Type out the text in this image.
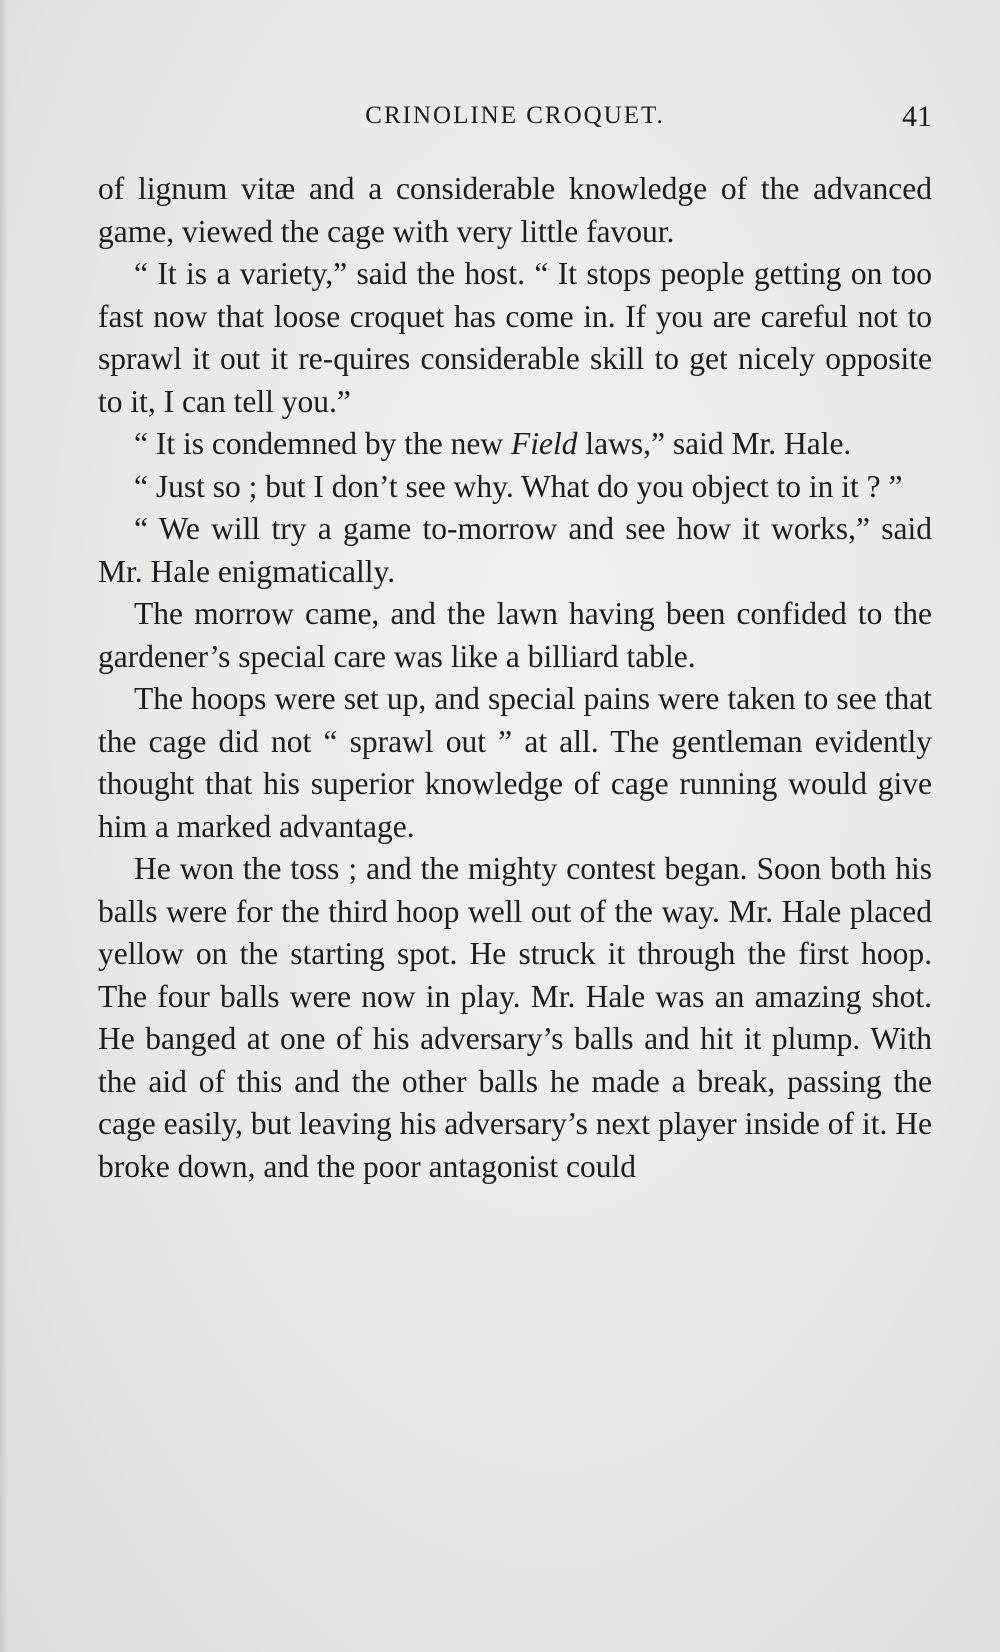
CRINOLINE CROQUET.	41

of lignum vitæ and a considerable knowledge of the advanced game, viewed the cage with very little favour.

“ It is a variety,” said the host. “ It stops people getting on too fast now that loose croquet has come in. If you are careful not to sprawl it out it re-quires considerable skill to get nicely opposite to it, I can tell you.”

“ It is condemned by the new Field laws,” said Mr. Hale.

“ Just so ; but I don’t see why. What do you object to in it ? ”

“ We will try a game to-morrow and see how it works,” said Mr. Hale enigmatically.

The morrow came, and the lawn having been confided to the gardener’s special care was like a billiard table.

The hoops were set up, and special pains were taken to see that the cage did not “ sprawl out ” at all. The gentleman evidently thought that his superior knowledge of cage running would give him a marked advantage.

He won the toss ; and the mighty contest began. Soon both his balls were for the third hoop well out of the way. Mr. Hale placed yellow on the starting spot. He struck it through the first hoop. The four balls were now in play. Mr. Hale was an amazing shot. He banged at one of his adversary’s balls and hit it plump. With the aid of this and the other balls he made a break, passing the cage easily, but leaving his adversary’s next player inside of it. He broke down, and the poor antagonist could
